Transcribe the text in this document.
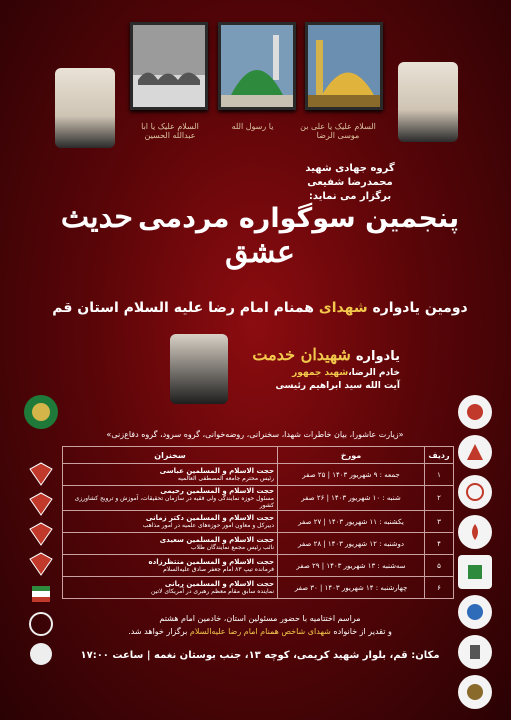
السلام علیک یا ابا عبدالله الحسین
یا رسول الله	السلام علیک یا علی بن موسی الرضا
گروه جهادی شهید
محمدرضا شفیعی
برگزار می نماید:
پنجمین سوگواره مردمی حدیث عشق
دومین یادواره شهدای همنام امام رضا علیه السلام استان قم
یادواره شهیدان خدمت
خادم الرضا،شهید جمهور
آیت الله سید ابراهیم رئیسی
«زیارت عاشورا، بیان خاطرات شهدا، سخنرانی، روضه‌خوانی، گروه سرود، گروه دفاع‌زنی»
ردیف	مورخ	سخنران
۱	جمعه : ۹ شهریور ۱۴۰۳ | ۲۵ صفر	حجت الاسلام و المسلمین عباسی
رئیس محترم جامعه المصطفی العالمیه

۲	شنبه : ۱۰ شهریور ۱۴۰۳ | ۲۶ صفر	حجت الاسلام و المسلمین رحیمی
مسئول حوزه نمایندگی ولی فقیه در سازمان تحقیقات، آموزش و ترویج کشاورزی کشور

۳	یکشنبه : ۱۱ شهریور ۱۴۰۳ | ۲۷ صفر	حجت الاسلام و المسلمین دکتر زمانی
دبیرکل و معاون امور حوزه‌های علمیه در امور مذاهب

۴	دوشنبه : ۱۲ شهریور ۱۴۰۳ | ۲۸ صفر	حجت الاسلام و المسلمین سعیدی
نائب رئیس مجمع نمایندگان طلاب

۵	سه‌شنبه : ۱۳ شهریور ۱۴۰۳ | ۲۹ صفر	حجت الاسلام و المسلمین منتظرزاده
فرمانده تیپ ۸۳ امام جعفر صادق علیه‌السلام

۶	چهارشنبه : ۱۴ شهریور ۱۴۰۳ | ۳۰ صفر	حجت الاسلام و المسلمین ربانی
نماینده سابق مقام معظم رهبری در آمریکای لاتین
مراسم اختتامیه با حضور مسئولین استان، خادمین امام هشتم
و تقدیر از خانواده شهدای شاخص همنام امام رضا علیه‌السلام برگزار خواهد شد.
مکان: قم، بلوار شهید کریمی، کوچه ۱۳، جنب بوستان نغمه | ساعت ۱۷:۰۰
